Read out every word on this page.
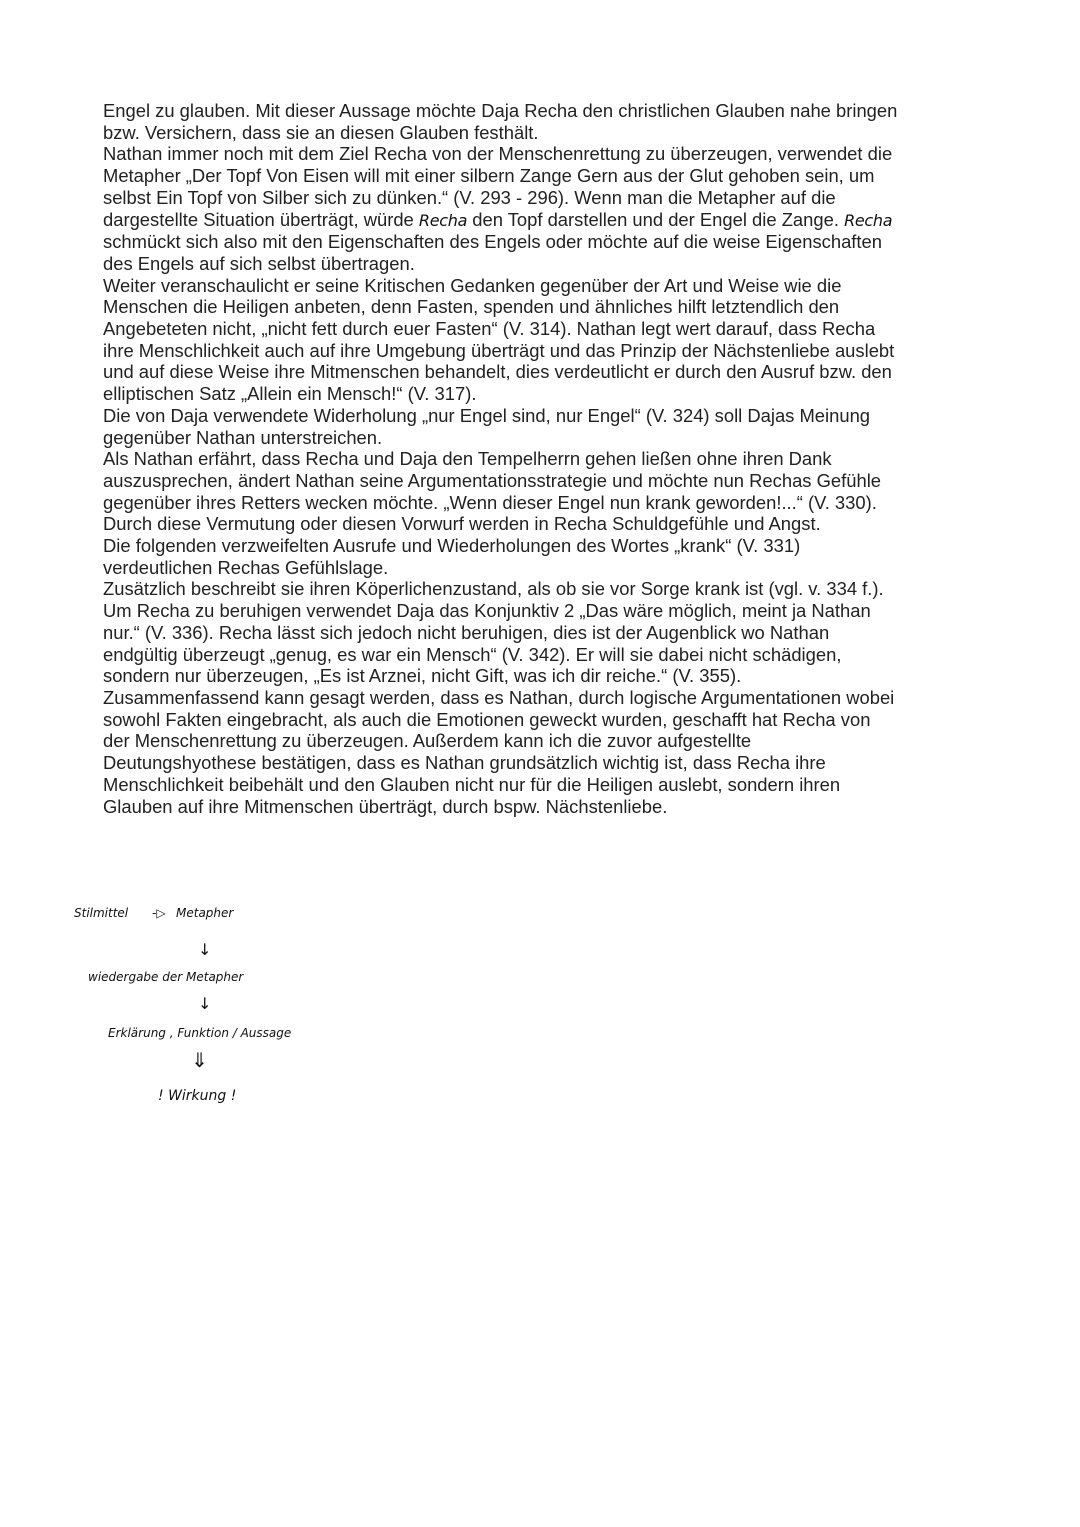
Engel zu glauben. Mit dieser Aussage möchte Daja Recha den christlichen Glauben nahe bringen
bzw. Versichern, dass sie an diesen Glauben festhält.
Nathan immer noch mit dem Ziel Recha von der Menschenrettung zu überzeugen, verwendet die
Metapher „Der Topf Von Eisen will mit einer silbern Zange Gern aus der Glut gehoben sein, um
selbst Ein Topf von Silber sich zu dünken.“ (V. 293 - 296). Wenn man die Metapher auf die
dargestellte Situation überträgt, würde Recha den Topf darstellen und der Engel die Zange. Recha
schmückt sich also mit den Eigenschaften des Engels oder möchte auf die weise Eigenschaften
des Engels auf sich selbst übertragen.
Weiter veranschaulicht er seine Kritischen Gedanken gegenüber der Art und Weise wie die
Menschen die Heiligen anbeten, denn Fasten, spenden und ähnliches hilft letztendlich den
Angebeteten nicht, „nicht fett durch euer Fasten“ (V. 314). Nathan legt wert darauf, dass Recha
ihre Menschlichkeit auch auf ihre Umgebung überträgt und das Prinzip der Nächstenliebe auslebt
und auf diese Weise ihre Mitmenschen behandelt, dies verdeutlicht er durch den Ausruf bzw. den
elliptischen Satz „Allein ein Mensch!“ (V. 317).
Die von Daja verwendete Widerholung „nur Engel sind, nur Engel“ (V. 324) soll Dajas Meinung
gegenüber Nathan unterstreichen.
Als Nathan erfährt, dass Recha und Daja den Tempelherrn gehen ließen ohne ihren Dank
auszusprechen, ändert Nathan seine Argumentationsstrategie und möchte nun Rechas Gefühle
gegenüber ihres Retters wecken möchte. „Wenn dieser Engel nun krank geworden!...“ (V. 330).
Durch diese Vermutung oder diesen Vorwurf werden in Recha Schuldgefühle und Angst.
Die folgenden verzweifelten Ausrufe und Wiederholungen des Wortes „krank“ (V. 331)
verdeutlichen Rechas Gefühlslage.
Zusätzlich beschreibt sie ihren Köperlichenzustand, als ob sie vor Sorge krank ist (vgl. v. 334 f.).
Um Recha zu beruhigen verwendet Daja das Konjunktiv 2 „Das wäre möglich, meint ja Nathan
nur.“ (V. 336). Recha lässt sich jedoch nicht beruhigen, dies ist der Augenblick wo Nathan
endgültig überzeugt „genug, es war ein Mensch“ (V. 342). Er will sie dabei nicht schädigen,
sondern nur überzeugen, „Es ist Arznei, nicht Gift, was ich dir reiche.“ (V. 355).
Zusammenfassend kann gesagt werden, dass es Nathan, durch logische Argumentationen wobei
sowohl Fakten eingebracht, als auch die Emotionen geweckt wurden, geschafft hat Recha von
der Menschenrettung zu überzeugen. Außerdem kann ich die zuvor aufgestellte
Deutungshyothese bestätigen, dass es Nathan grundsätzlich wichtig ist, dass Recha ihre
Menschlichkeit beibehält und den Glauben nicht nur für die Heiligen auslebt, sondern ihren
Glauben auf ihre Mitmenschen überträgt, durch bspw. Nächstenliebe.
Stilmittel -▷ Metapher
↓
wiedergabe der Metapher
↓
Erklärung , Funktion / Aussage
⇓
! Wirkung !
